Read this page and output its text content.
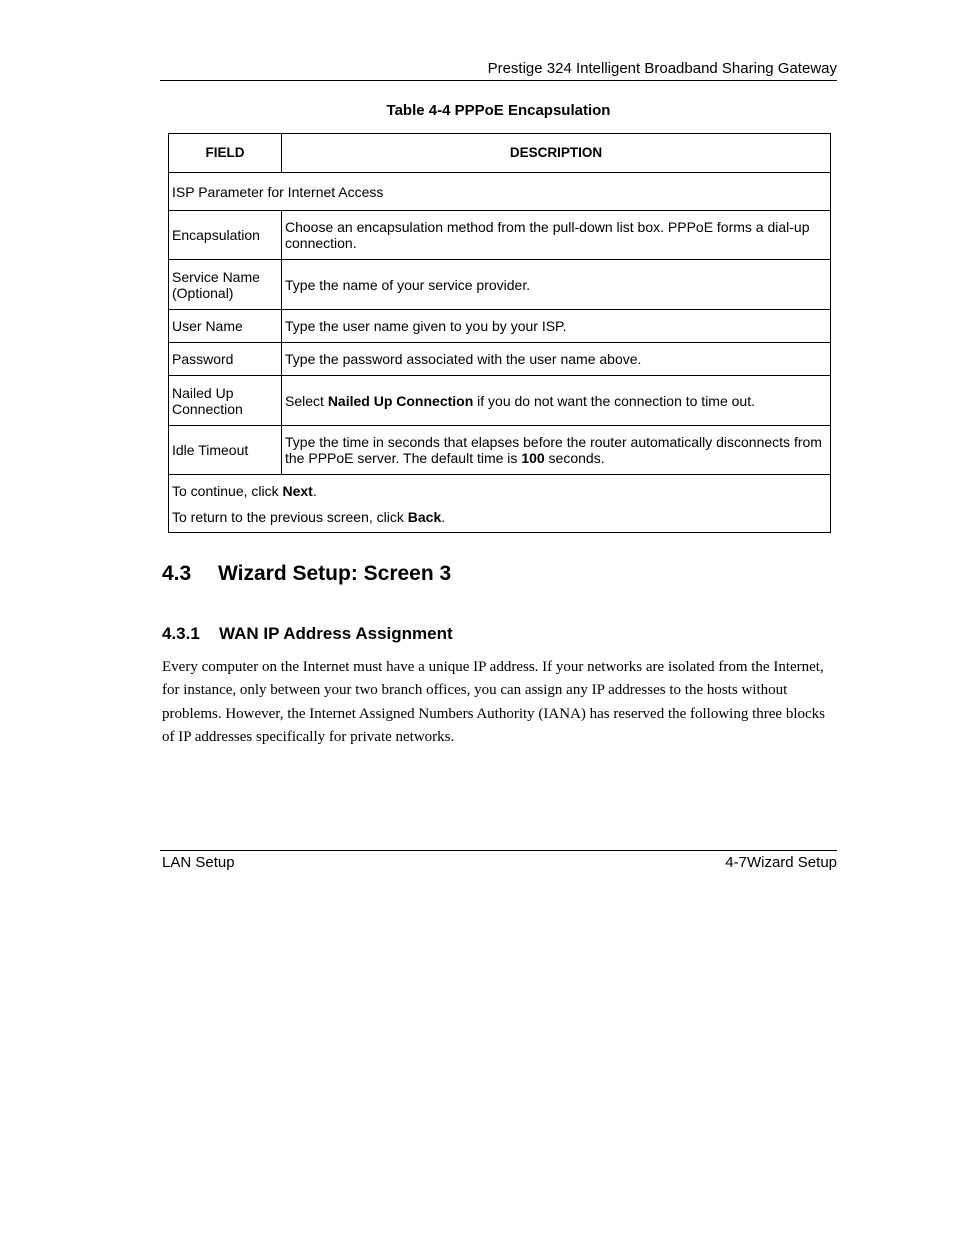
Prestige 324 Intelligent Broadband Sharing Gateway
Table 4-4 PPPoE Encapsulation
FIELD	DESCRIPTION
ISP Parameter for Internet Access	
Encapsulation	Choose an encapsulation method from the pull-down list box. PPPoE forms a dial-up connection.
Service Name (Optional)	Type the name of your service provider.
User Name	Type the user name given to you by your ISP.
Password	Type the password associated with the user name above.
Nailed Up Connection	Select Nailed Up Connection if you do not want the connection to time out.
Idle Timeout	Type the time in seconds that elapses before the router automatically disconnects from the PPPoE server. The default time is 100 seconds.

To continue, click Next.
To return to the previous screen, click Back.	
4.3 Wizard Setup: Screen 3
4.3.1 WAN IP Address Assignment
Every computer on the Internet must have a unique IP address. If your networks are isolated from the Internet, for instance, only between your two branch offices, you can assign any IP addresses to the hosts without problems. However, the Internet Assigned Numbers Authority (IANA) has reserved the following three blocks of IP addresses specifically for private networks.
LAN Setup	4-7Wizard Setup
